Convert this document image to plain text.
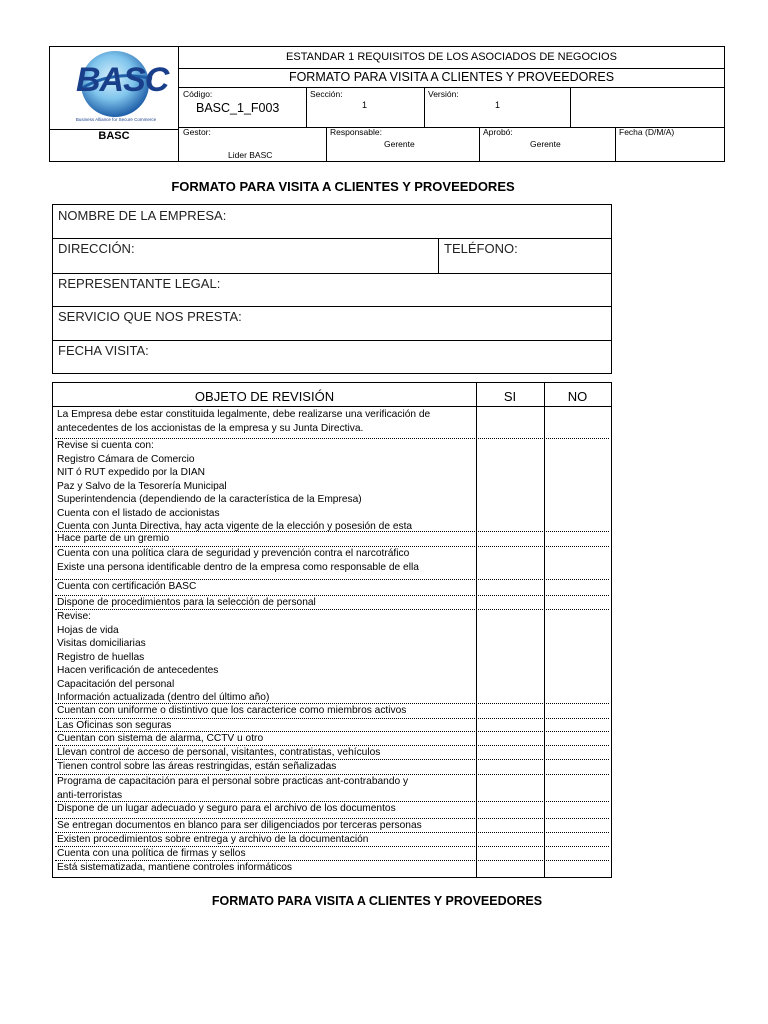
BASC
Business Alliance for Secure Commerce
BASC
ESTANDAR 1 REQUISITOS DE LOS ASOCIADOS DE NEGOCIOS
FORMATO PARA VISITA A CLIENTES Y PROVEEDORES
Código:
BASC_1_F003
Sección:
1
Versión:
1
Gestor:
Lider BASC
Responsable:
Gerente
Aprobó:
Gerente
Fecha (D/M/A)
FORMATO PARA VISITA A CLIENTES Y PROVEEDORES
NOMBRE DE LA EMPRESA:
DIRECCIÓN:	TELÉFONO:
REPRESENTANTE LEGAL:
SERVICIO QUE NOS PRESTA:
FECHA VISITA:
OBJETO DE REVISIÓN	SI	NO
La Empresa debe estar constituida legalmente, debe realizarse una verificación de
antecedentes de los accionistas de la empresa y su Junta Directiva.
Revise si cuenta con:
Registro Cámara de Comercio
NIT ó RUT expedido por la DIAN
Paz y Salvo de la Tesorería Municipal
Superintendencia (dependiendo de la característica de la Empresa)
Cuenta con el listado de accionistas
Cuenta con Junta Directiva, hay acta vigente de la elección y posesión de esta
Hace parte de un gremio
Cuenta con una política clara de seguridad y prevención contra el narcotráfico
Existe una persona identificable dentro de la empresa como responsable de ella
Cuenta con certificación BASC
Dispone de procedimientos para la selección de personal
Revise:
Hojas de vida
Visitas domiciliarias
Registro de huellas
Hacen verificación de antecedentes
Capacitación del personal
Información actualizada (dentro del último año)
Cuentan con uniforme o distintivo que los caracterice como miembros activos
Las Oficinas son seguras
Cuentan con sistema de alarma, CCTV u otro
Llevan control de acceso de personal, visitantes, contratistas, vehículos
Tienen control sobre las áreas restringidas, están señalizadas
Programa de capacitación para el personal sobre practicas ant-contrabando y
anti-terroristas
Dispone de un lugar adecuado y seguro para el archivo de los documentos
Se entregan documentos en blanco para ser diligenciados por terceras personas
Existen procedimientos sobre entrega y archivo de la documentación
Cuenta con una política de firmas y sellos
Está sistematizada, mantiene controles informáticos
FORMATO PARA VISITA A CLIENTES Y PROVEEDORES
